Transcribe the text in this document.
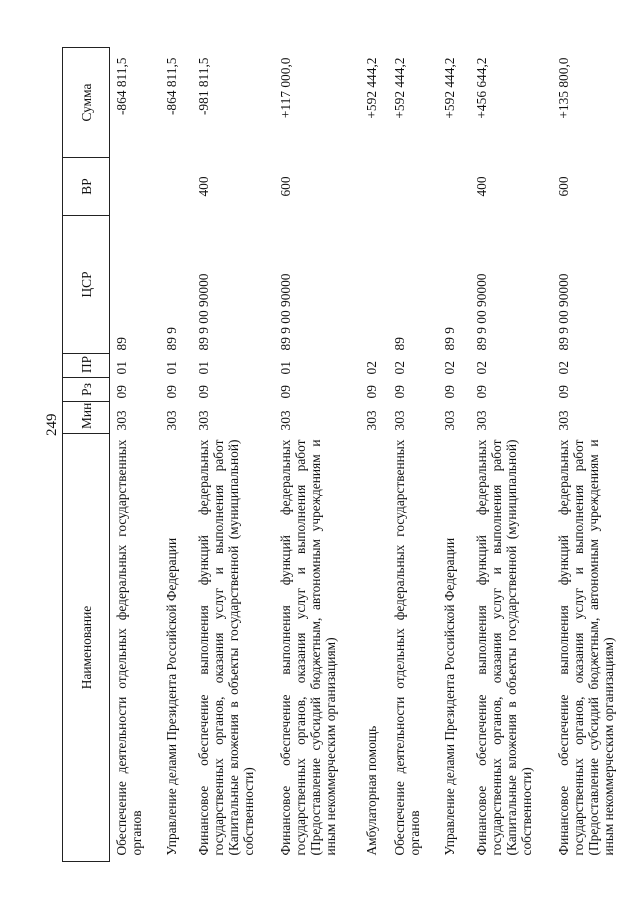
249
Наименование	Мин	Рз	ПР	ЦСР	ВР	Сумма
Обеспечение деятельности отдельных федеральных государственных органов	303	09	01	89		-864 811,5
Управление делами Президента Российской Федерации	303	09	01	89 9		-864 811,5
Финансовое обеспечение выполнения функций федеральных государственных органов, оказания услуг и выполнения работ (Капитальные вложения в объекты государственной (муниципальной) собственности)	303	09	01	89 9 00 90000	400	-981 811,5
Финансовое обеспечение выполнения функций федеральных государственных органов, оказания услуг и выполнения работ (Предоставление субсидий бюджетным, автономным учреждениям и иным некоммерческим организациям)	303	09	01	89 9 00 90000	600	+117 000,0
Амбулаторная помощь	303	09	02			+592 444,2
Обеспечение деятельности отдельных федеральных государственных органов	303	09	02	89		+592 444,2
Управление делами Президента Российской Федерации	303	09	02	89 9		+592 444,2
Финансовое обеспечение выполнения функций федеральных государственных органов, оказания услуг и выполнения работ (Капитальные вложения в объекты государственной (муниципальной) собственности)	303	09	02	89 9 00 90000	400	+456 644,2
Финансовое обеспечение выполнения функций федеральных государственных органов, оказания услуг и выполнения работ (Предоставление субсидий бюджетным, автономным учреждениям и иным некоммерческим организациям)	303	09	02	89 9 00 90000	600	+135 800,0
